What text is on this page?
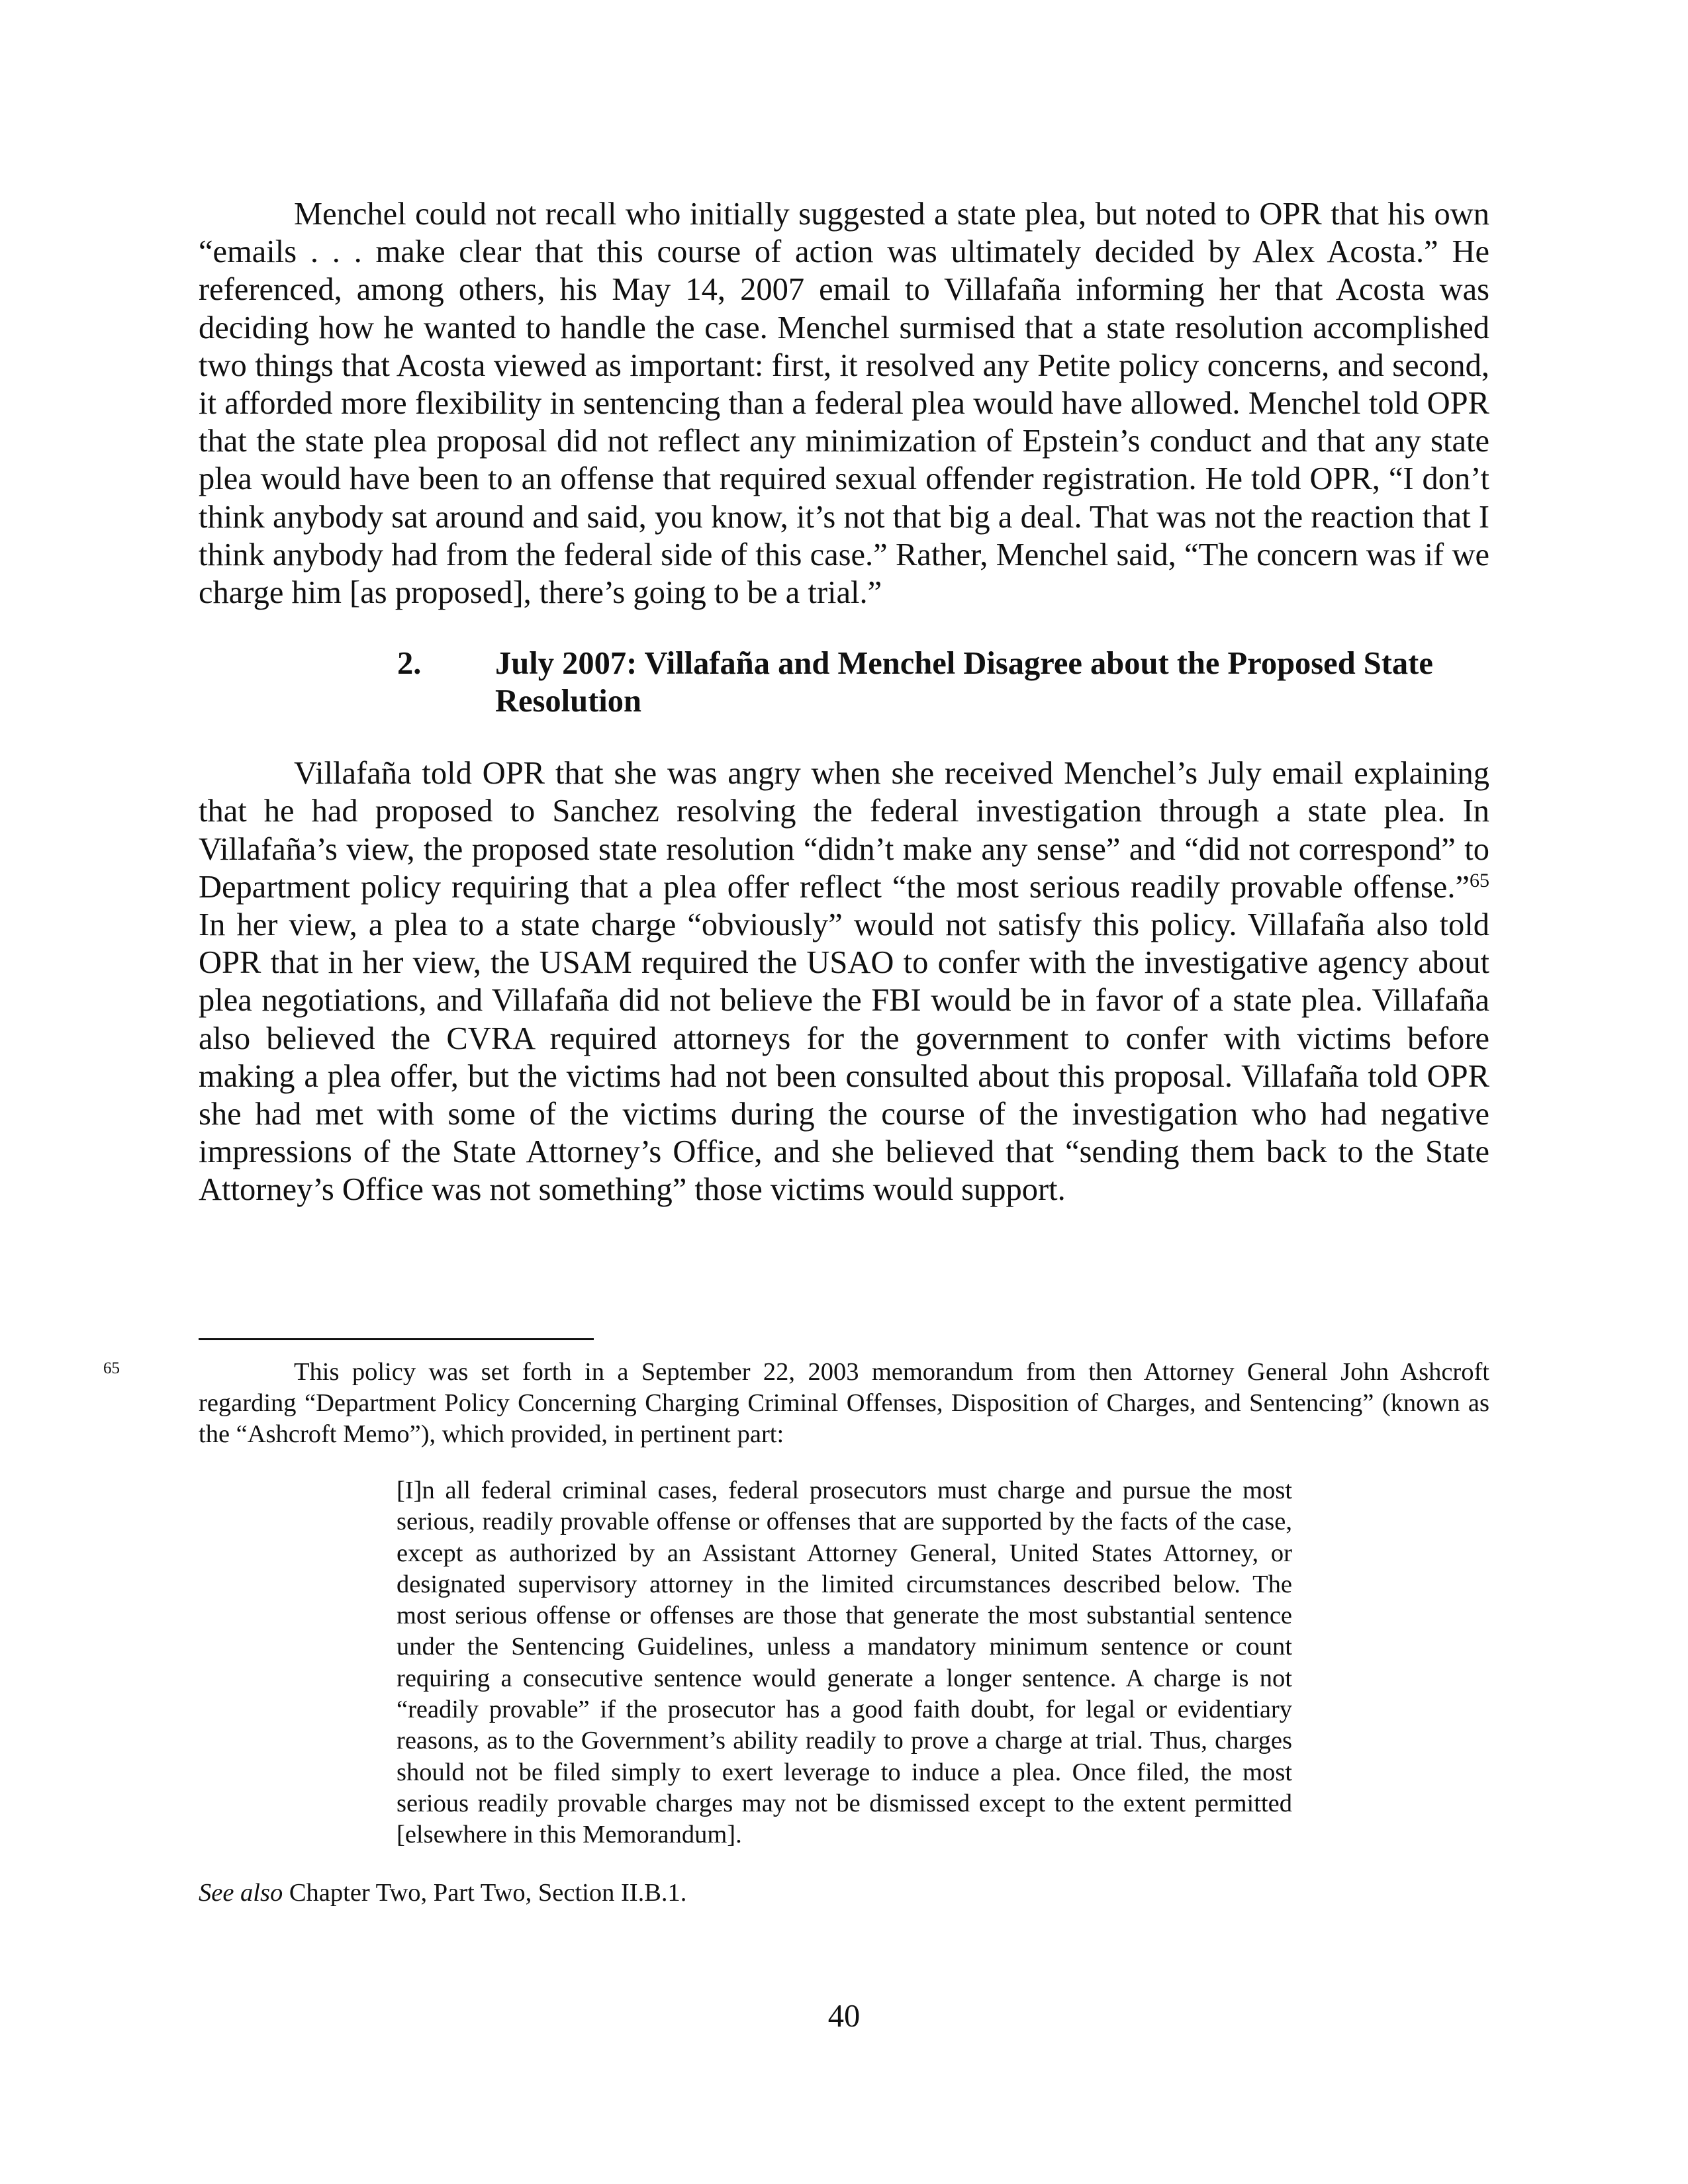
Menchel could not recall who initially suggested a state plea, but noted to OPR that his own “emails . . . make clear that this course of action was ultimately decided by Alex Acosta.” He referenced, among others, his May 14, 2007 email to Villafaña informing her that Acosta was deciding how he wanted to handle the case. Menchel surmised that a state resolution accomplished two things that Acosta viewed as important: first, it resolved any Petite policy concerns, and second, it afforded more flexibility in sentencing than a federal plea would have allowed. Menchel told OPR that the state plea proposal did not reflect any minimization of Epstein’s conduct and that any state plea would have been to an offense that required sexual offender registration. He told OPR, “I don’t think anybody sat around and said, you know, it’s not that big a deal. That was not the reaction that I think anybody had from the federal side of this case.” Rather, Menchel said, “The concern was if we charge him [as proposed], there’s going to be a trial.”

2. July 2007: Villafaña and Menchel Disagree about the Proposed State Resolution

Villafaña told OPR that she was angry when she received Menchel’s July email explaining that he had proposed to Sanchez resolving the federal investigation through a state plea. In Villafaña’s view, the proposed state resolution “didn’t make any sense” and “did not correspond” to Department policy requiring that a plea offer reflect “the most serious readily provable offense.”$^{65}$ In her view, a plea to a state charge “obviously” would not satisfy this policy. Villafaña also told OPR that in her view, the USAM required the USAO to confer with the investigative agency about plea negotiations, and Villafaña did not believe the FBI would be in favor of a state plea. Villafaña also believed the CVRA required attorneys for the government to confer with victims before making a plea offer, but the victims had not been consulted about this proposal. Villafaña told OPR she had met with some of the victims during the course of the investigation who had negative impressions of the State Attorney’s Office, and she believed that “sending them back to the State Attorney’s Office was not something” those victims would support.

65	This policy was set forth in a September 22, 2003 memorandum from then Attorney General John Ashcroft regarding “Department Policy Concerning Charging Criminal Offenses, Disposition of Charges, and Sentencing” (known as the “Ashcroft Memo”), which provided, in pertinent part:

[I]n all federal criminal cases, federal prosecutors must charge and pursue the most serious, readily provable offense or offenses that are supported by the facts of the case, except as authorized by an Assistant Attorney General, United States Attorney, or designated supervisory attorney in the limited circumstances described below. The most serious offense or offenses are those that generate the most substantial sentence under the Sentencing Guidelines, unless a mandatory minimum sentence or count requiring a consecutive sentence would generate a longer sentence. A charge is not “readily provable” if the prosecutor has a good faith doubt, for legal or evidentiary reasons, as to the Government’s ability readily to prove a charge at trial. Thus, charges should not be filed simply to exert leverage to induce a plea. Once filed, the most serious readily provable charges may not be dismissed except to the extent permitted [elsewhere in this Memorandum].

See also Chapter Two, Part Two, Section II.B.1.

40
